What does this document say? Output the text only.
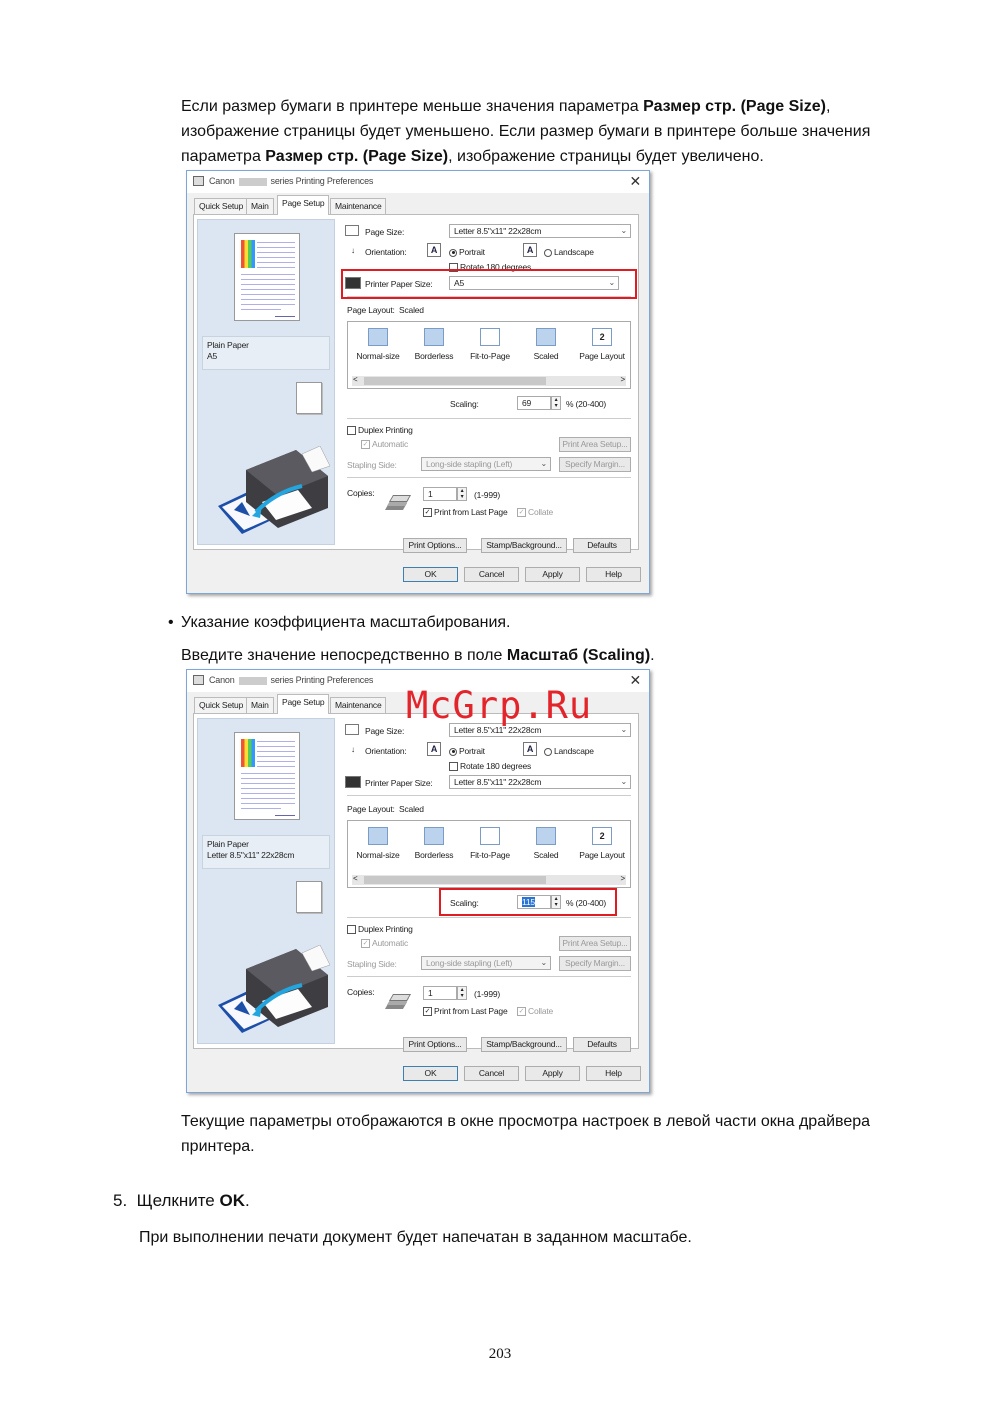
Если размер бумаги в принтере меньше значения параметра Размер стр. (Page Size),
изображение страницы будет уменьшено. Если размер бумаги в принтере больше значения
параметра Размер стр. (Page Size), изображение страницы будет увеличено.
Canon	series Printing Preferences	✕
Quick Setup Main	Page Setup	Maintenance
Plain Paper
A5
Page Size:	Letter 8.5"x11" 22x28cm	⌄
↓ Orientation:	A	Portrait	A	Landscape
Rotate 180 degrees
Printer Paper Size:	A5	⌄
Page Layout: Scaled
2
Normal-size	Borderless	Fit-to-Page	Scaled	Page Layout
<	>
Scaling:	69	▴
▾	% (20-400)
Duplex Printing
✓ Automatic	Print Area Setup...
Stapling Side:	Long-side stapling (Left)	⌄	Specify Margin...
Copies:	1	▴
▾	(1-999)
✓ Print from Last Page ✓ Collate
Print Options...	Stamp/Background...	Defaults
OK	Cancel	Apply	Help
• Указание коэффициента масштабирования.
Введите значение непосредственно в поле Масштаб (Scaling).
Canon	series Printing Preferences	✕
Quick Setup Main	Page Setup	Maintenance
Plain Paper
Letter 8.5"x11" 22x28cm
Page Size:	Letter 8.5"x11" 22x28cm	⌄
↓ Orientation:	A	Portrait	A	Landscape
Rotate 180 degrees
Printer Paper Size:	Letter 8.5"x11" 22x28cm	⌄
Page Layout: Scaled
2
Normal-size	Borderless	Fit-to-Page	Scaled	Page Layout
<	>
Scaling:	115	▴
▾	% (20-400)
Duplex Printing
✓ Automatic	Print Area Setup...
Stapling Side:	Long-side stapling (Left)	⌄	Specify Margin...
Copies:	1	▴
▾	(1-999)
✓ Print from Last Page ✓ Collate
Print Options...	Stamp/Background...	Defaults
OK	Cancel	Apply	Help
McGrp.Ru
Текущие параметры отображаются в окне просмотра настроек в левой части окна драйвера
принтера.
5. Щелкните OK.
При выполнении печати документ будет напечатан в заданном масштабе.
203
